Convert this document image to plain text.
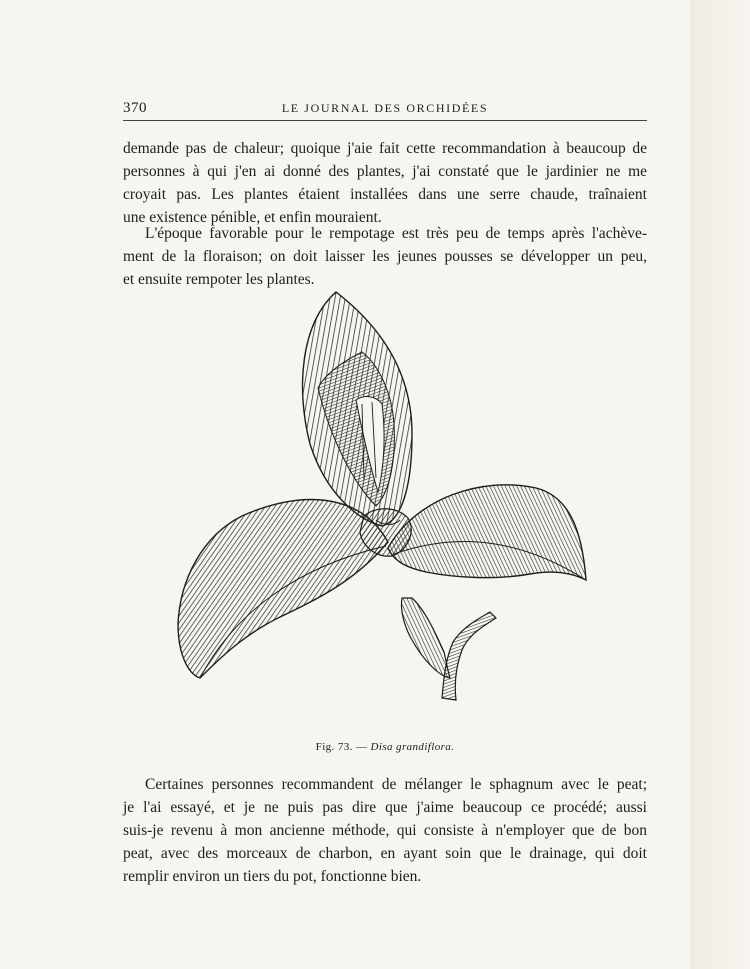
370	LE JOURNAL DES ORCHIDÉES
demande pas de chaleur; quoique j'aie fait cette recommandation à beaucoup de
personnes à qui j'en ai donné des plantes, j'ai constaté que le jardinier ne me
croyait pas. Les plantes étaient installées dans une serre chaude, traînaient
une existence pénible, et enfin mouraient.
L'époque favorable pour le rempotage est très peu de temps après l'achève-
ment de la floraison; on doit laisser les jeunes pousses se développer un peu,
et ensuite rempoter les plantes.
Fig. 73. — Disa grandiflora.
Certaines personnes recommandent de mélanger le sphagnum avec le peat;
je l'ai essayé, et je ne puis pas dire que j'aime beaucoup ce procédé; aussi
suis-je revenu à mon ancienne méthode, qui consiste à n'employer que de bon
peat, avec des morceaux de charbon, en ayant soin que le drainage, qui doit
remplir environ un tiers du pot, fonctionne bien.
